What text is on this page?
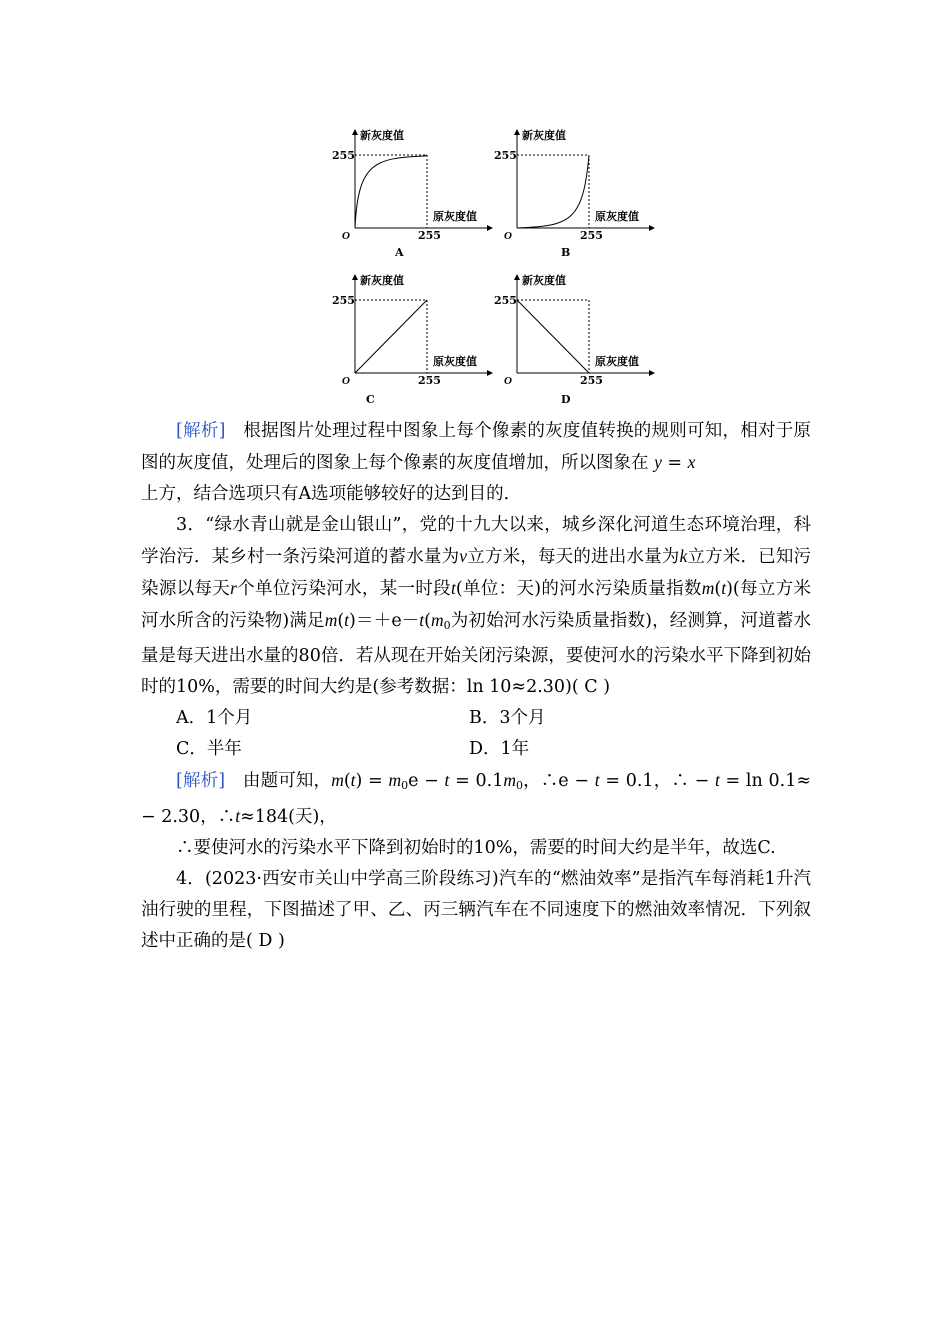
新灰度值
原灰度值
255
255
O
A
新灰度值
原灰度值
255
255
O
B
新灰度值
原灰度值
255
255
O
C
新灰度值
原灰度值
255
255
O
D

[解析]　 根据图片处理过程中图象上每个像素的灰度值转换的规则可知，相对于原图的灰度值，处理后的图象上每个像素的灰度值增加，所以图象在 y = x
上方，结合选项只有A选项能够较好的达到目的．

3．“绿水青山就是金山银山”，党的十九大以来，城乡深化河道生态环境治理，科学治污．某乡村一条污染河道的蓄水量为v立方米，每天的进出水量为k立方米．已知污染源以每天r个单位污染河水，某一时段t(单位：天)的河水污染质量指数m(t)(每立方米河水所含的污染物)满足$m(t)=+e-t(m_0$为初始河水污染质量指数)，经测算，河道蓄水量是每天进出水量的80倍．若从现在开始关闭污染源，要使河水的污染水平下降到初始时的10%，需要的时间大约是(参考数据：ln 10≈2.30)( C )

A．1个月	B．3个月
C．半年	D．1年

[解析]　 由题可知，$m(t) = m_0e - t = 0.1m_0$，∴e − t = 0.1，∴ − t = ln 0.1≈ − 2.30，∴t≈184(天)，

∴要使河水的污染水平下降到初始时的10%，需要的时间大约是半年，故选C.

4．(2023·西安市关山中学高三阶段练习)汽车的“燃油效率”是指汽车每消耗1升汽油行驶的里程，下图描述了甲、乙、丙三辆汽车在不同速度下的燃油效率情况．下列叙述中正确的是( D )
